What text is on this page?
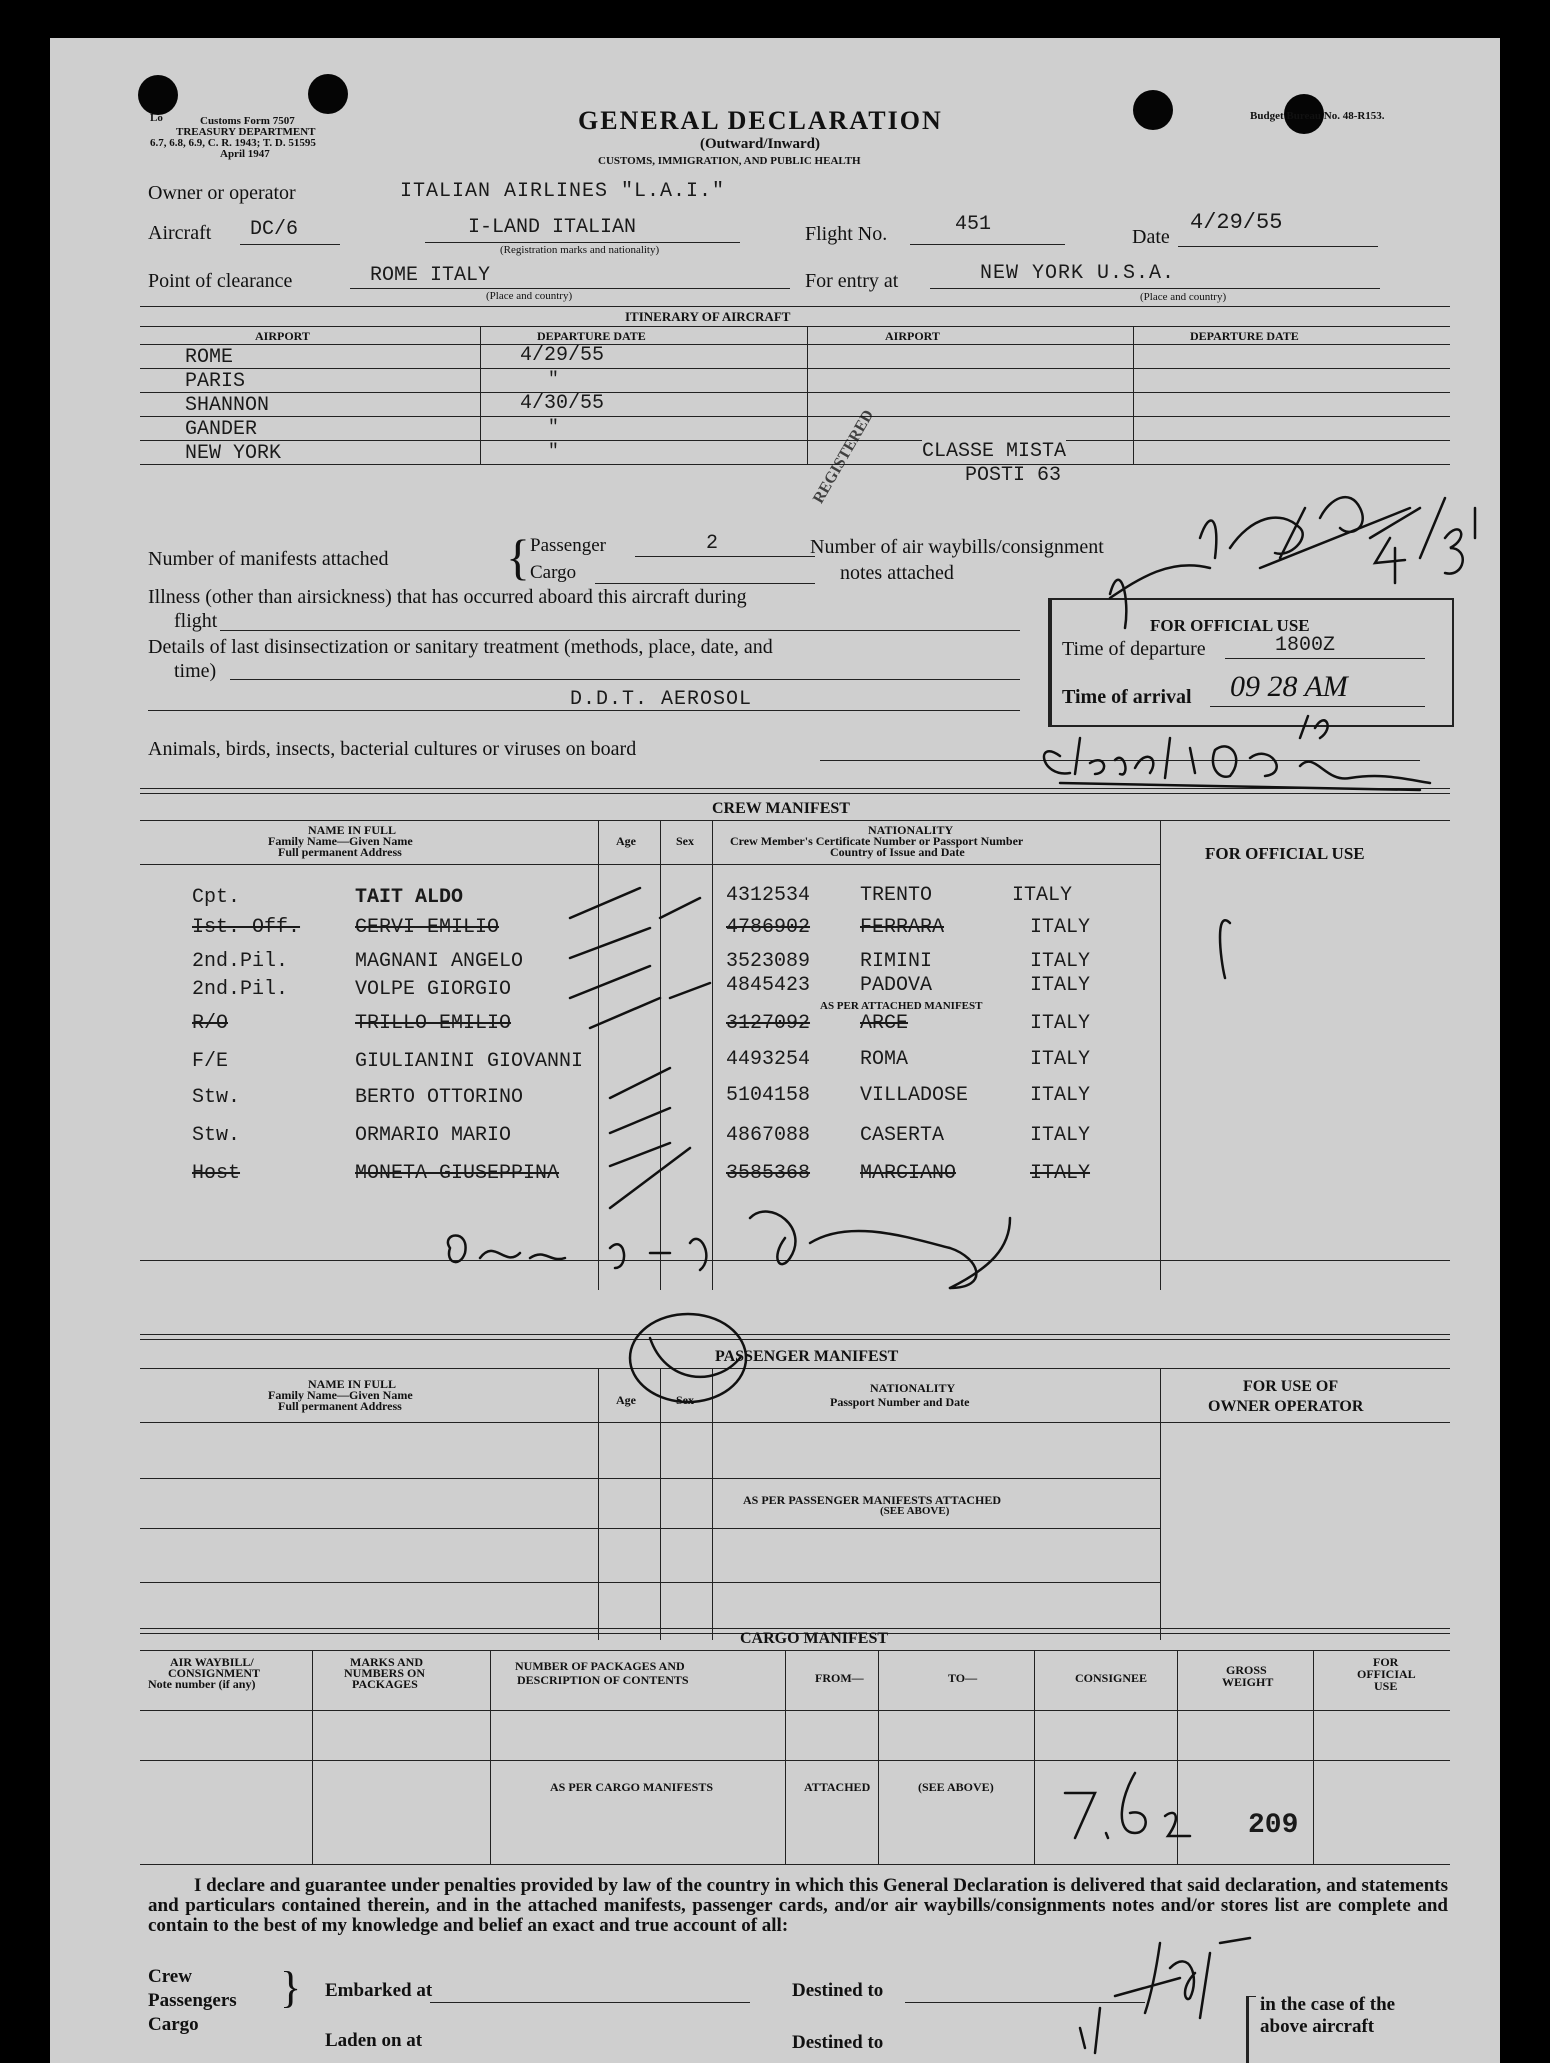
Lo	Customs Form 7507
TREASURY DEPARTMENT
6.7, 6.8, 6.9, C. R. 1943; T. D. 51595
April 1947
GENERAL DECLARATION
(Outward/Inward)
CUSTOMS, IMMIGRATION, AND PUBLIC HEALTH
Budget Bureau No. 48-R153.
Owner or operator	ITALIAN AIRLINES "L.A.I."
Aircraft DC/6	I-LAND ITALIAN
(Registration marks and nationality)
Flight No.	451
Date
4/29/55
Point of clearance	ROME ITALY
(Place and country)
For entry at	NEW YORK U.S.A.
(Place and country)
ITINERARY OF AIRCRAFT
AIRPORT	DEPARTURE DATE	AIRPORT	DEPARTURE DATE
ROME	4/29/55
PARIS	"
SHANNON	4/30/55
GANDER	"
NEW YORK	"	CLASSE MISTA
POSTI 63
Number of manifests attached { Passenger	2
Cargo
Number of air waybills/consignment
notes attached
REGISTERED
Illness (other than airsickness) that has occurred aboard this aircraft during
flight
Details of last disinsectization or sanitary treatment (methods, place, date, and
time)
D.D.T. AEROSOL
FOR OFFICIAL USE
Time of departure	1800Z
Time of arrival 09 28 AM
Animals, birds, insects, bacterial cultures or viruses on board
CREW MANIFEST
NAME IN FULL
Family Name—Given Name
Full permanent Address
Age	Sex
NATIONALITY
Crew Member's Certificate Number or Passport Number
Country of Issue and Date	FOR OFFICIAL USE
Cpt.	TAIT ALDO	4312534 TRENTO	ITALY
Ist. Off.	CERVI EMILIO	4786902 FERRARA	ITALY
2nd.Pil.	MAGNANI ANGELO	3523089 RIMINI	ITALY
2nd.Pil.	VOLPE GIORGIO	4845423 PADOVA	ITALY
R/O	TRILLO EMILIO	3127092 ARCE	ITALY
F/E	GIULIANINI GIOVANNI	4493254 ROMA	ITALY
Stw.	BERTO OTTORINO	5104158 VILLADOSE	ITALY
Stw.	ORMARIO MARIO	4867088 CASERTA	ITALY
Host	MONETA GIUSEPPINA	3585368 MARCIANO	ITALY
AS PER ATTACHED MANIFEST
PASSENGER MANIFEST
NAME IN FULL
Family Name—Given Name
Full permanent Address	Age	Sex
NATIONALITY
Passport Number and Date
FOR USE OF
OWNER OPERATOR
AS PER PASSENGER MANIFESTS ATTACHED
(SEE ABOVE)
CARGO MANIFEST
AIR WAYBILL/
CONSIGNMENT
Note number (if any)
MARKS AND
NUMBERS ON
PACKAGES
NUMBER OF PACKAGES AND
DESCRIPTION OF CONTENTS	FROM—	TO—	CONSIGNEE
GROSS
WEIGHT
FOR
OFFICIAL
USE
AS PER CARGO MANIFESTS	ATTACHED	(SEE ABOVE)
209
I declare and guarantee under penalties provided by law of the country in which this General Declaration is delivered that said declaration, and statements and particulars contained therein, and in the attached manifests, passenger cards, and/or air waybills/consignments notes and/or stores list are complete and contain to the best of my knowledge and belief an exact and true account of all:
Crew
Passengers
Cargo
} Embarked at
Laden on at
Destined to
Destined to
in the case of the
above aircraft
